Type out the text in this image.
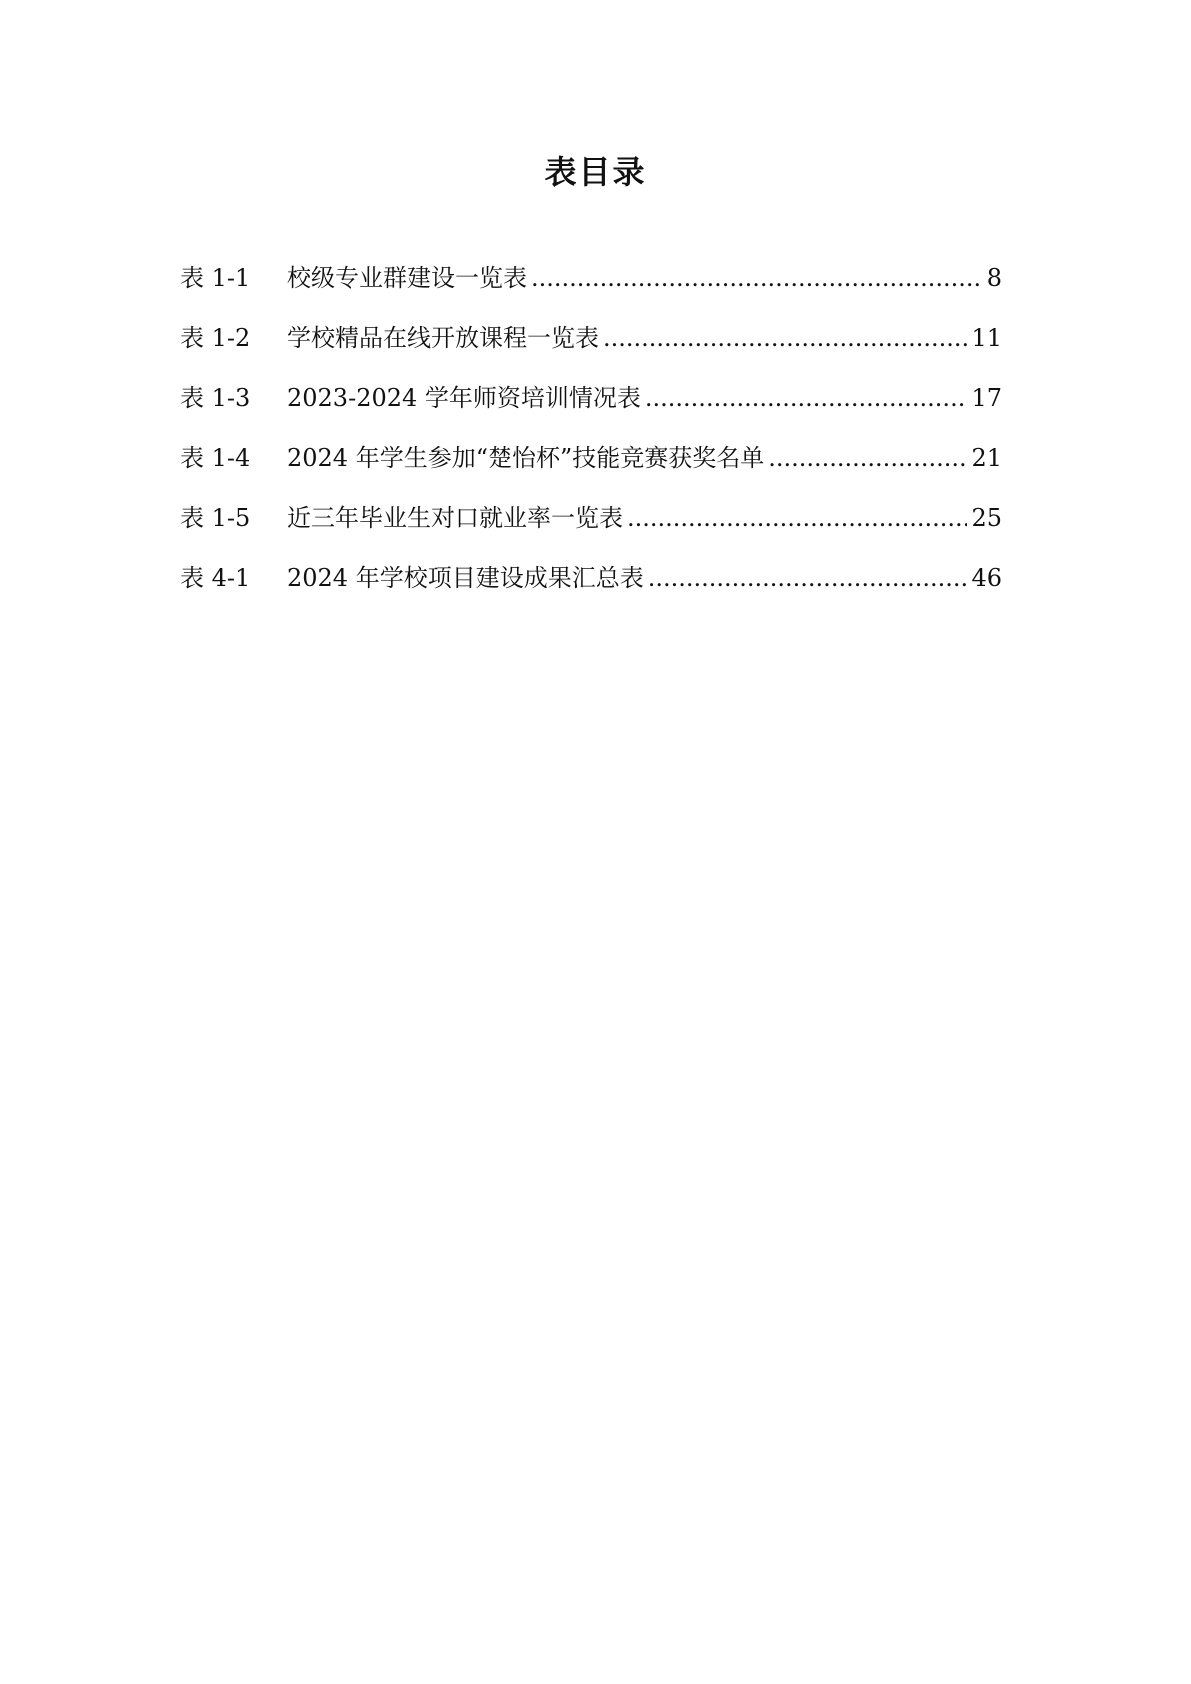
表目录
表 1-1	校级专业群建设一览表 .....	8
表 1-2	学校精品在线开放课程一览表 .....	11
表 1-3	2023-2024 学年师资培训情况表 .....	17
表 1-4	2024 年学生参加“楚怡杯”技能竞赛获奖名单 .....	21
表 1-5	近三年毕业生对口就业率一览表 .....	25
表 4-1	2024 年学校项目建设成果汇总表 .....	46
